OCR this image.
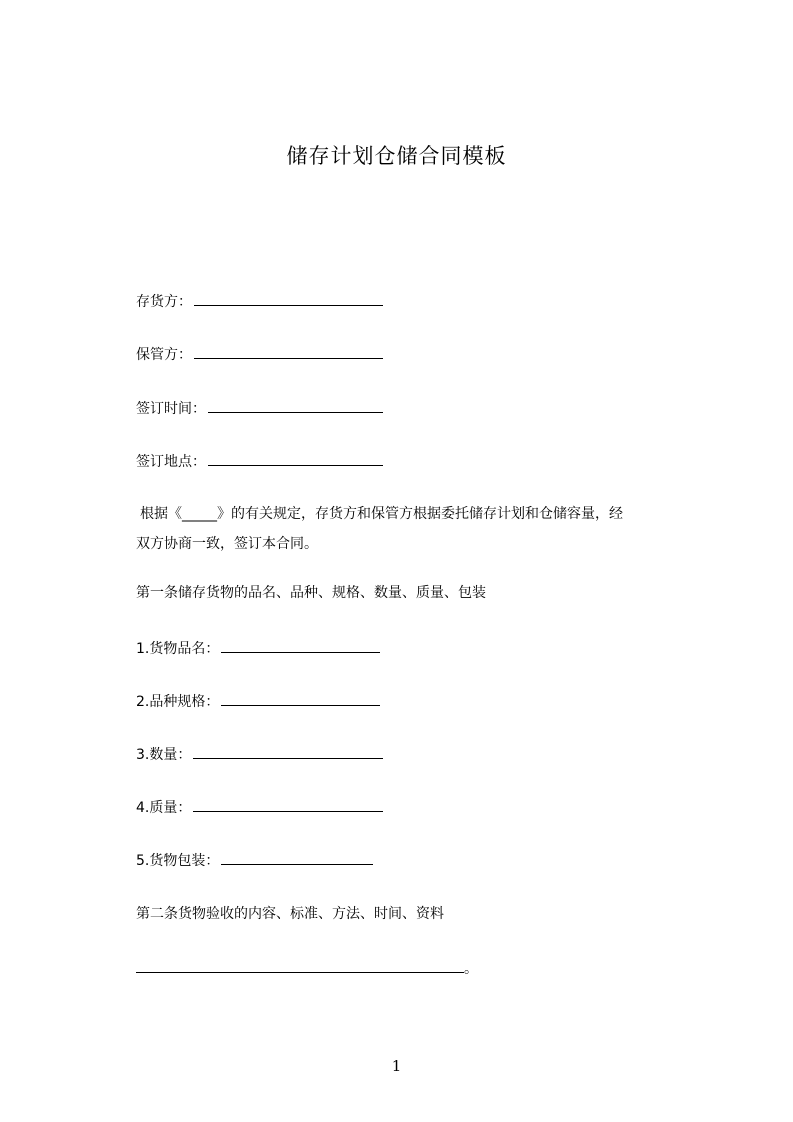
储存计划仓储合同模板
存货方：
保管方：
签订时间：
签订地点：
根据《_____》的有关规定，存货方和保管方根据委托储存计划和仓储容量，经
双方协商一致，签订本合同。
第一条储存货物的品名、品种、规格、数量、质量、包装
1.货物品名：
2.品种规格：
3.数量：
4.质量：
5.货物包装：
第二条货物验收的内容、标准、方法、时间、资料
。
1
